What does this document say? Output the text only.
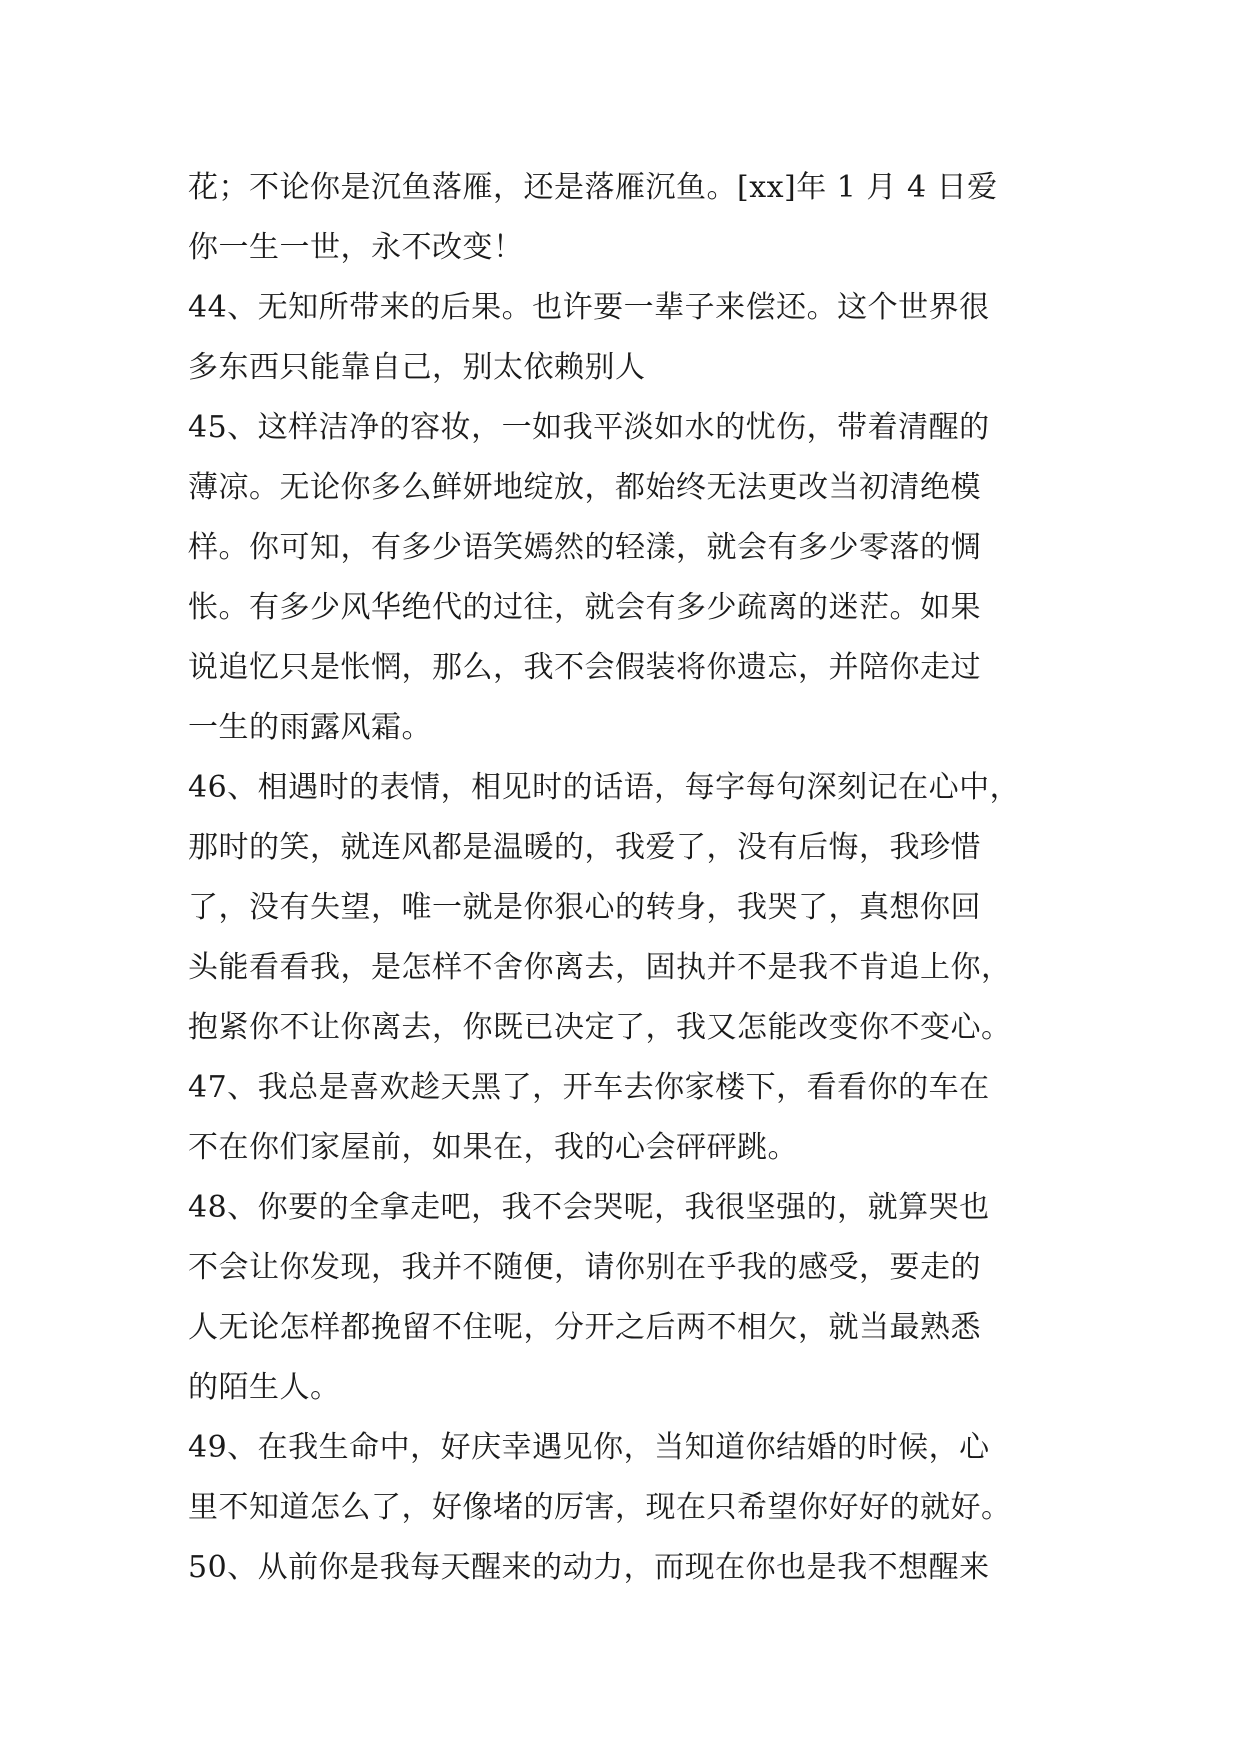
花；不论你是沉鱼落雁，还是落雁沉鱼。[xx]年 1 月 4 日爱
你一生一世，永不改变！
44、无知所带来的后果。也许要一辈子来偿还。这个世界很
多东西只能靠自己，别太依赖别人
45、这样洁净的容妆，一如我平淡如水的忧伤，带着清醒的
薄凉。无论你多么鲜妍地绽放，都始终无法更改当初清绝模
样。你可知，有多少语笑嫣然的轻漾，就会有多少零落的惆
怅。有多少风华绝代的过往，就会有多少疏离的迷茫。如果
说追忆只是怅惘，那么，我不会假装将你遗忘，并陪你走过
一生的雨露风霜。
46、相遇时的表情，相见时的话语，每字每句深刻记在心中，
那时的笑，就连风都是温暖的，我爱了，没有后悔，我珍惜
了，没有失望，唯一就是你狠心的转身，我哭了，真想你回
头能看看我，是怎样不舍你离去，固执并不是我不肯追上你，
抱紧你不让你离去，你既已决定了，我又怎能改变你不变心。
47、我总是喜欢趁天黑了，开车去你家楼下，看看你的车在
不在你们家屋前，如果在，我的心会砰砰跳。
48、你要的全拿走吧，我不会哭呢，我很坚强的，就算哭也
不会让你发现，我并不随便，请你别在乎我的感受，要走的
人无论怎样都挽留不住呢，分开之后两不相欠，就当最熟悉
的陌生人。
49、在我生命中，好庆幸遇见你，当知道你结婚的时候，心
里不知道怎么了，好像堵的厉害，现在只希望你好好的就好。
50、从前你是我每天醒来的动力，而现在你也是我不想醒来
